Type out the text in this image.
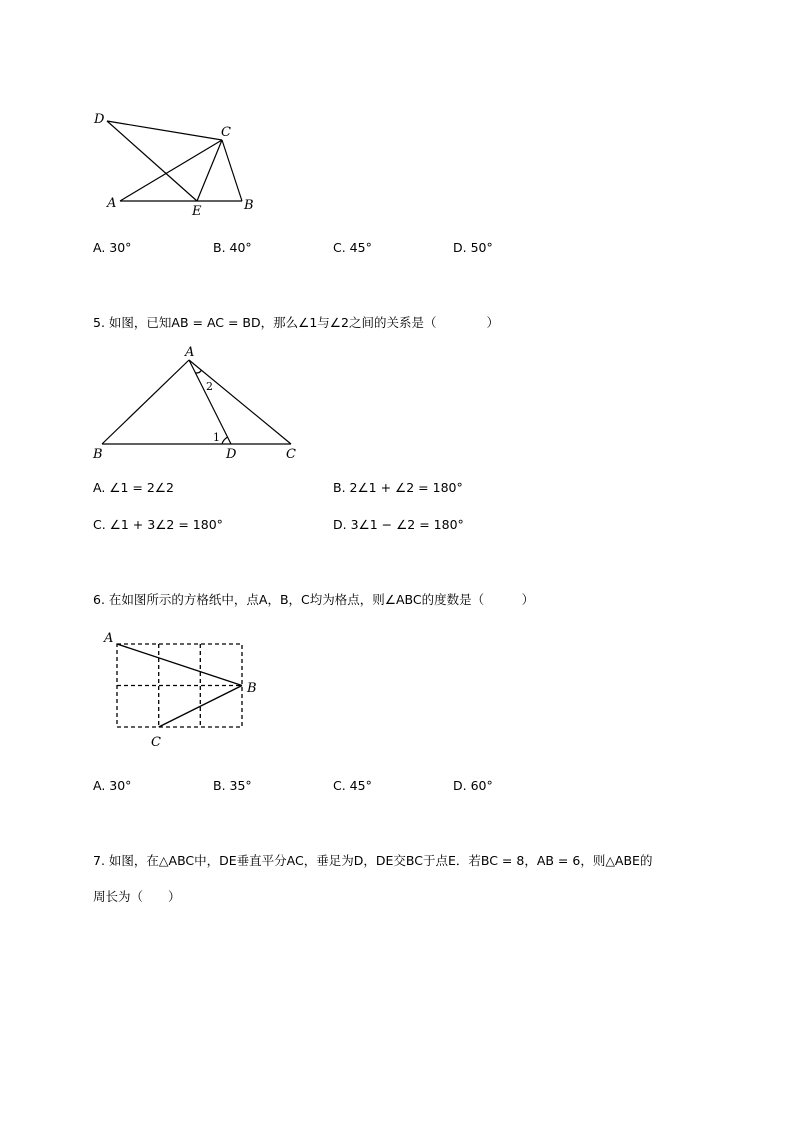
D
C
A
E	B
A. 30°	B. 40°	C. 45°	D. 50°
5. 如图，已知AB = AC = BD，那么∠1与∠2之间的关系是（　　　　）
A
B	D	C
1
2
A. ∠1 = 2∠2	B. 2∠1 + ∠2 = 180°
C. ∠1 + 3∠2 = 180°	D. 3∠1 − ∠2 = 180°
6. 在如图所示的方格纸中，点A，B，C均为格点，则∠ABC的度数是（　　　）
A
B
C
A. 30°	B. 35°	C. 45°	D. 60°
7. 如图，在△ABC中，DE垂直平分AC，垂足为D，DE交BC于点E．若BC = 8，AB = 6，则△ABE的
周长为（　　）
